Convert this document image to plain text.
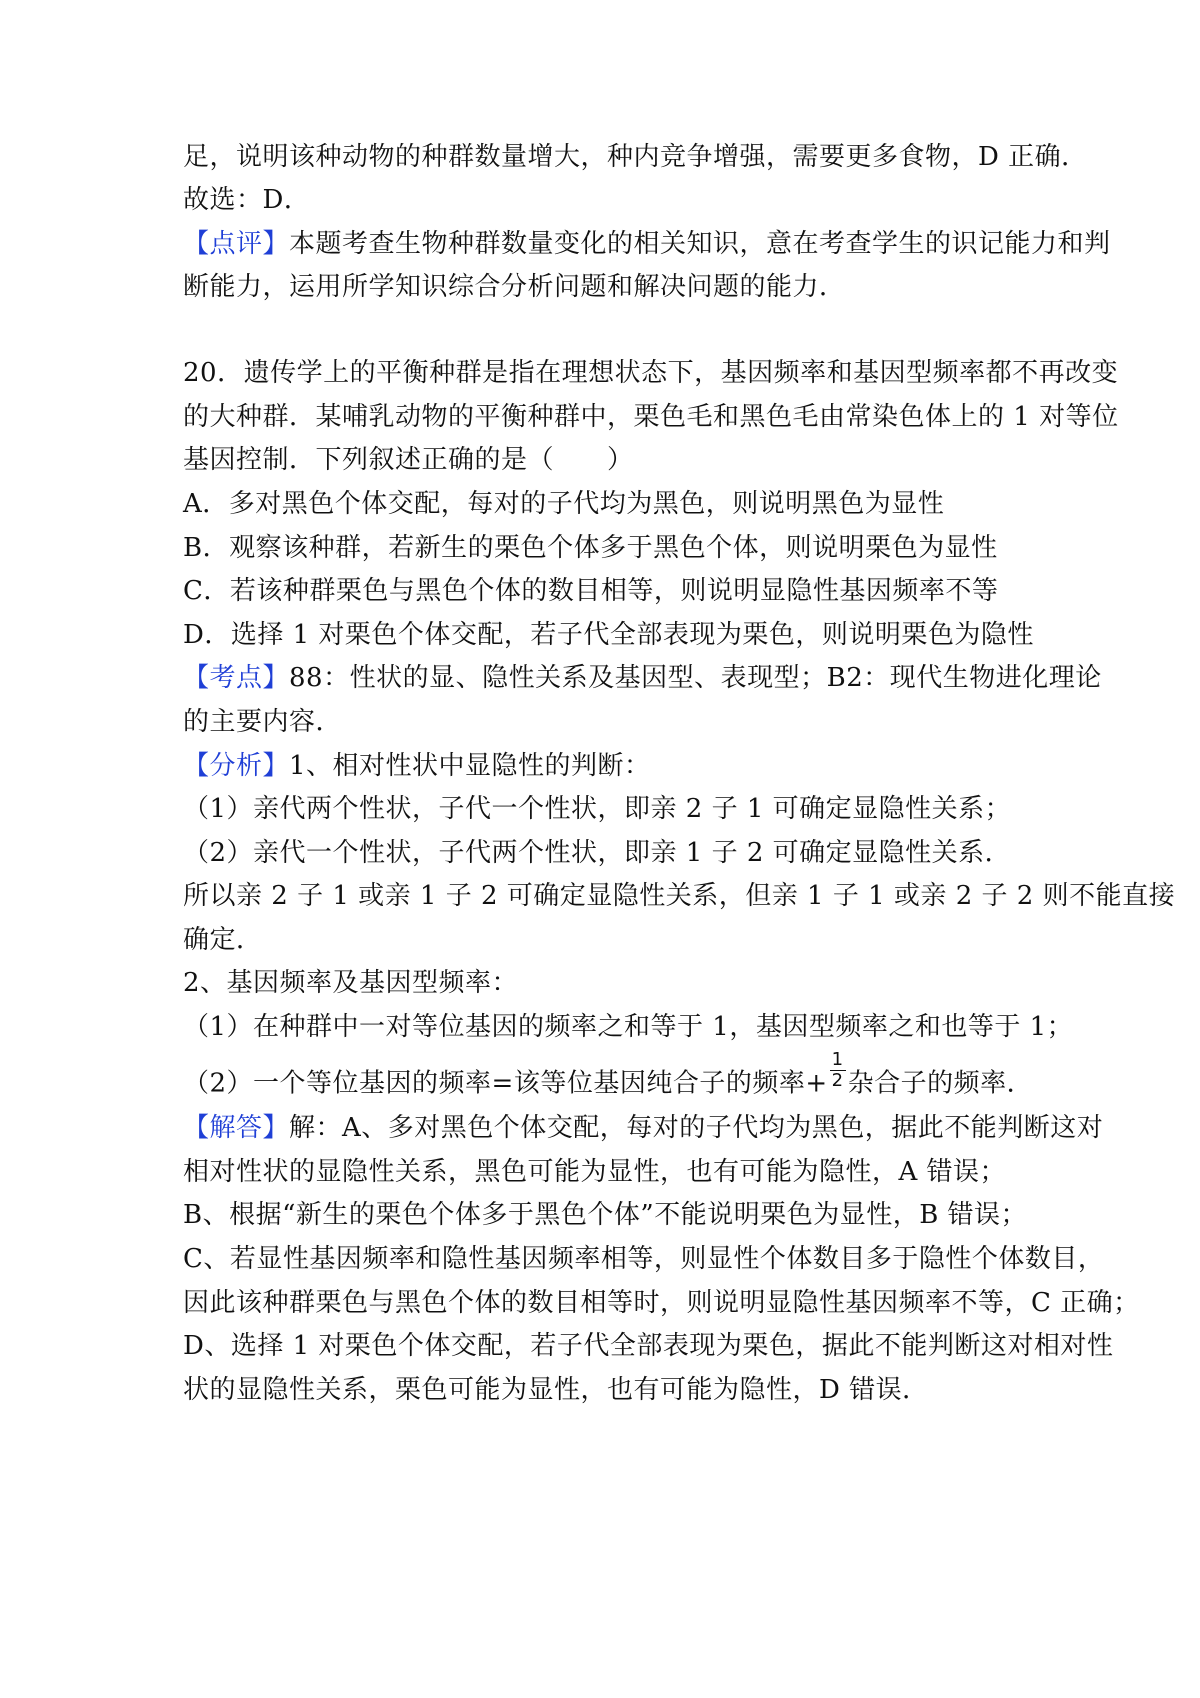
足，说明该种动物的种群数量增大，种内竞争增强，需要更多食物，D 正确．
故选：D．
【点评】本题考查生物种群数量变化的相关知识，意在考查学生的识记能力和判
断能力，运用所学知识综合分析问题和解决问题的能力．
20．遗传学上的平衡种群是指在理想状态下，基因频率和基因型频率都不再改变
的大种群．某哺乳动物的平衡种群中，栗色毛和黑色毛由常染色体上的 1 对等位
基因控制．下列叙述正确的是（　　）
A．多对黑色个体交配，每对的子代均为黑色，则说明黑色为显性
B．观察该种群，若新生的栗色个体多于黑色个体，则说明栗色为显性
C．若该种群栗色与黑色个体的数目相等，则说明显隐性基因频率不等
D．选择 1 对栗色个体交配，若子代全部表现为栗色，则说明栗色为隐性
【考点】88：性状的显、隐性关系及基因型、表现型；B2：现代生物进化理论
的主要内容．
【分析】1、相对性状中显隐性的判断：
（1）亲代两个性状，子代一个性状，即亲 2 子 1 可确定显隐性关系；
（2）亲代一个性状，子代两个性状，即亲 1 子 2 可确定显隐性关系．
所以亲 2 子 1 或亲 1 子 2 可确定显隐性关系，但亲 1 子 1 或亲 2 子 2 则不能直接
确定．
2、基因频率及基因型频率：
（1）在种群中一对等位基因的频率之和等于 1，基因型频率之和也等于 1；
（2）一个等位基因的频率=该等位基因纯合子的频率+ $\frac{1}{2}$ 杂合子的频率．
【解答】解：A、多对黑色个体交配，每对的子代均为黑色，据此不能判断这对
相对性状的显隐性关系，黑色可能为显性，也有可能为隐性，A 错误；
B、根据“新生的栗色个体多于黑色个体”不能说明栗色为显性，B 错误；
C、若显性基因频率和隐性基因频率相等，则显性个体数目多于隐性个体数目，
因此该种群栗色与黑色个体的数目相等时，则说明显隐性基因频率不等，C 正确；
D、选择 1 对栗色个体交配，若子代全部表现为栗色，据此不能判断这对相对性
状的显隐性关系，栗色可能为显性，也有可能为隐性，D 错误．
